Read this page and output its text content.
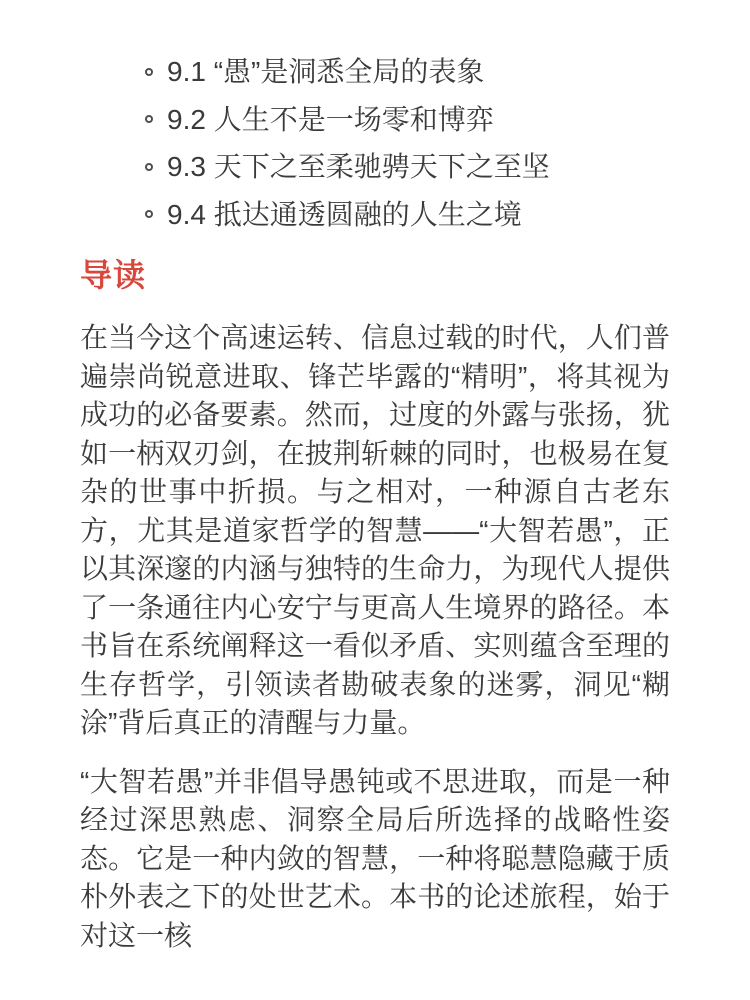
9.1 “愚”是洞悉全局的表象
9.2 人生不是一场零和博弈
9.3 天下之至柔驰骋天下之至坚
9.4 抵达通透圆融的人生之境
导读

在当今这个高速运转、信息过载的时代，人们普遍崇尚锐意进取、锋芒毕露的“精明”，将其视为成功的必备要素。然而，过度的外露与张扬，犹如一柄双刃剑，在披荆斩棘的同时，也极易在复杂的世事中折损。与之相对，一种源自古老东方，尤其是道家哲学的智慧——“大智若愚”，正以其深邃的内涵与独特的生命力，为现代人提供了一条通往内心安宁与更高人生境界的路径。本书旨在系统阐释这一看似矛盾、实则蕴含至理的生存哲学，引领读者勘破表象的迷雾，洞见“糊涂”背后真正的清醒与力量。

“大智若愚”并非倡导愚钝或不思进取，而是一种经过深思熟虑、洞察全局后所选择的战略性姿态。它是一种内敛的智慧，一种将聪慧隐藏于质朴外表之下的处世艺术。本书的论述旅程，始于对这一核
